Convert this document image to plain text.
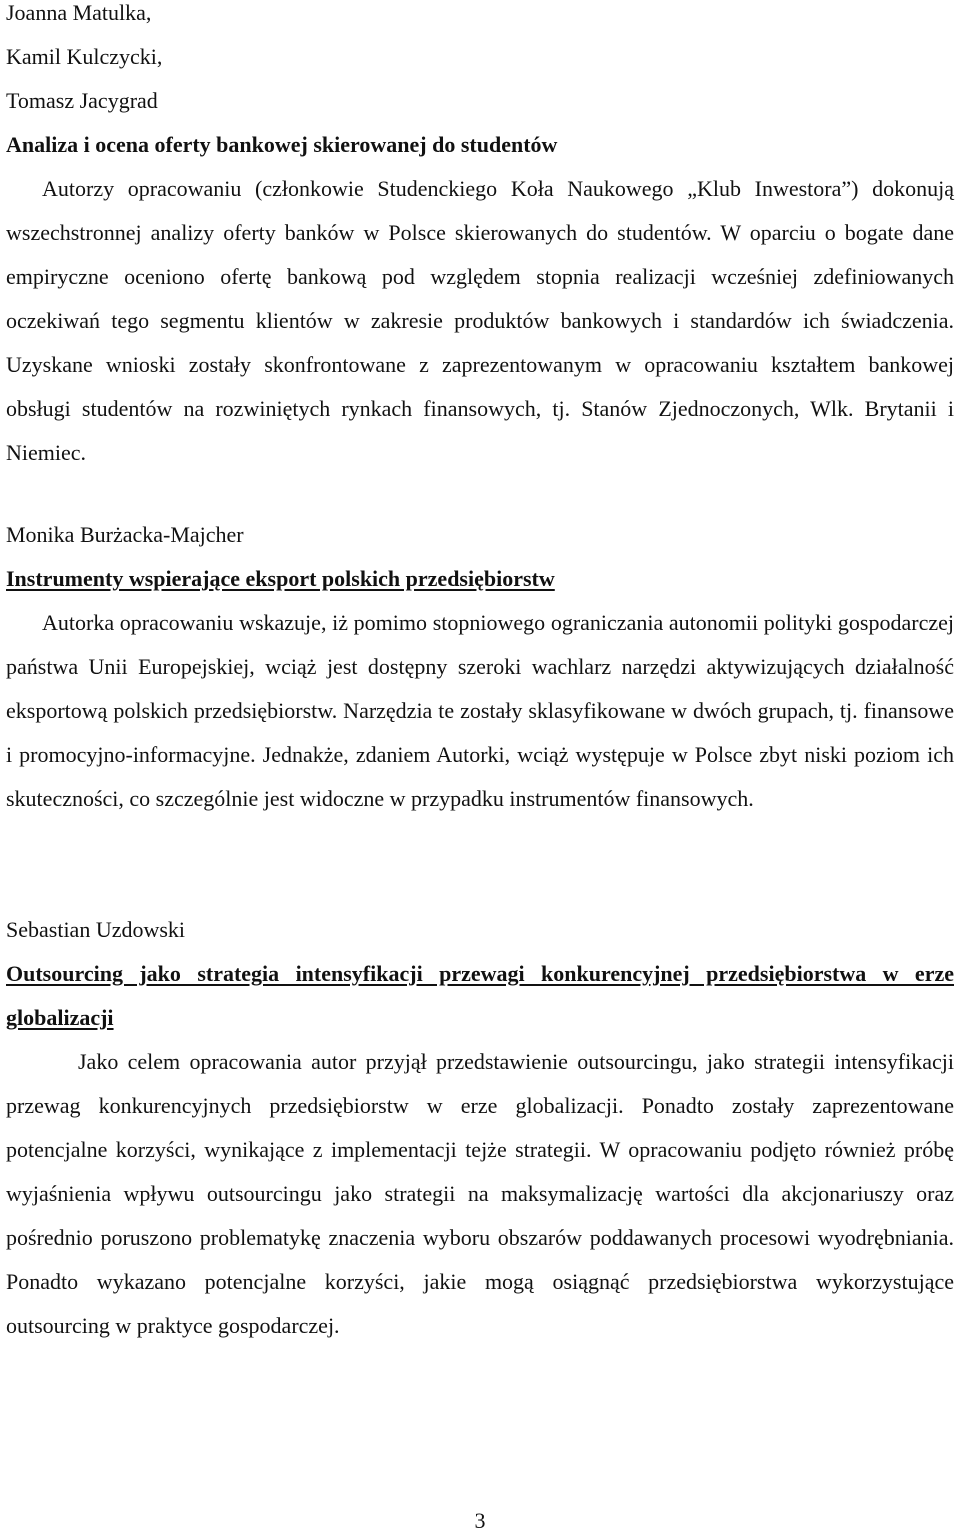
Joanna Matulka,

Kamil Kulczycki,

Tomasz Jacygrad

Analiza i ocena oferty bankowej skierowanej do studentów

Autorzy opracowaniu (członkowie Studenckiego Koła Naukowego „Klub Inwestora”) dokonują wszechstronnej analizy oferty banków w Polsce skierowanych do studentów. W oparciu o bogate dane empiryczne oceniono ofertę bankową pod względem stopnia realizacji wcześniej zdefiniowanych oczekiwań tego segmentu klientów w zakresie produktów bankowych i standardów ich świadczenia. Uzyskane wnioski zostały skonfrontowane z zaprezentowanym w opracowaniu kształtem bankowej obsługi studentów na rozwiniętych rynkach finansowych, tj. Stanów Zjednoczonych, Wlk. Brytanii i Niemiec.

Monika Burżacka-Majcher

Instrumenty wspierające eksport polskich przedsiębiorstw

Autorka opracowaniu wskazuje, iż pomimo stopniowego ograniczania autonomii polityki gospodarczej państwa Unii Europejskiej, wciąż jest dostępny szeroki wachlarz narzędzi aktywizujących działalność eksportową polskich przedsiębiorstw. Narzędzia te zostały sklasyfikowane w dwóch grupach, tj. finansowe i promocyjno-informacyjne. Jednakże, zdaniem Autorki, wciąż występuje w Polsce zbyt niski poziom ich skuteczności, co szczególnie jest widoczne w przypadku instrumentów finansowych.

Sebastian Uzdowski

Outsourcing jako strategia intensyfikacji przewagi konkurencyjnej przedsiębiorstwa w erze globalizacji

Jako celem opracowania autor przyjął przedstawienie outsourcingu, jako strategii intensyfikacji przewag konkurencyjnych przedsiębiorstw w erze globalizacji. Ponadto zostały zaprezentowane potencjalne korzyści, wynikające z implementacji tejże strategii. W opracowaniu podjęto również próbę wyjaśnienia wpływu outsourcingu jako strategii na maksymalizację wartości dla akcjonariuszy oraz pośrednio poruszono problematykę znaczenia wyboru obszarów poddawanych procesowi wyodrębniania. Ponadto wykazano potencjalne korzyści, jakie mogą osiągnąć przedsiębiorstwa wykorzystujące outsourcing w praktyce gospodarczej.

3
